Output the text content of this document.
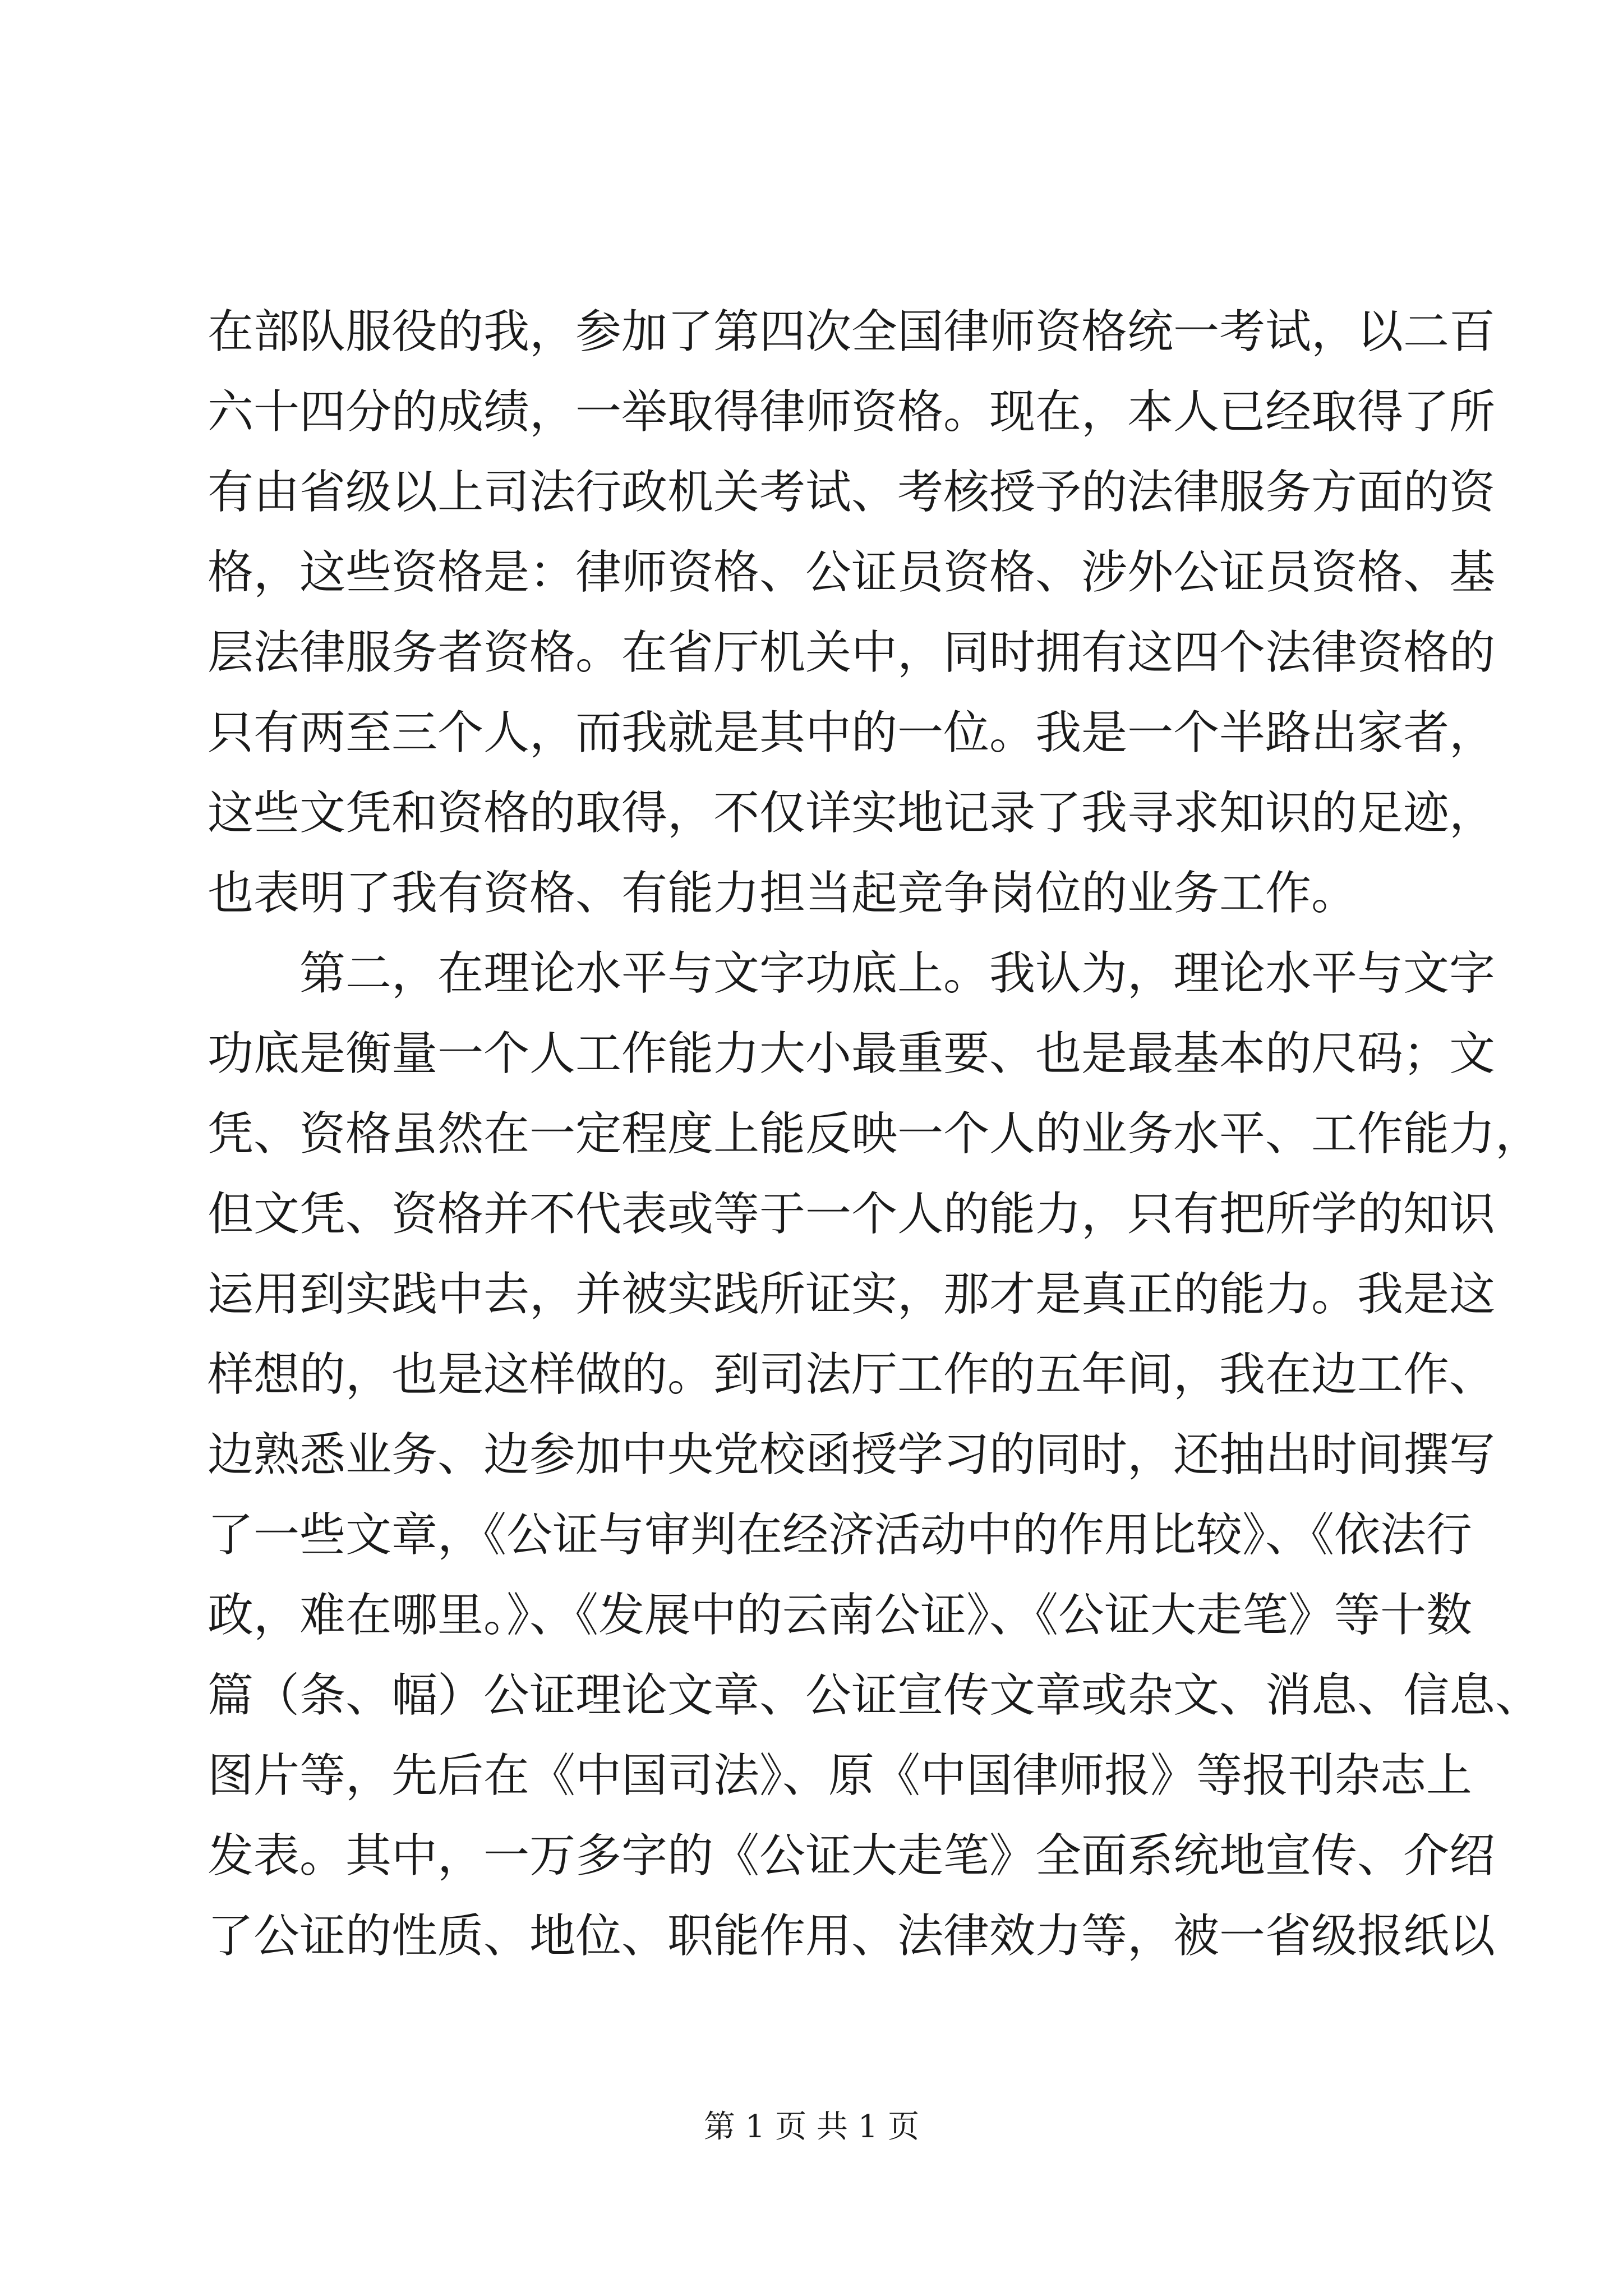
在部队服役的我，参加了第四次全国律师资格统一考试，以二百
六十四分的成绩，一举取得律师资格。现在，本人已经取得了所
有由省级以上司法行政机关考试、考核授予的法律服务方面的资
格，这些资格是：律师资格、公证员资格、涉外公证员资格、基
层法律服务者资格。在省厅机关中，同时拥有这四个法律资格的
只有两至三个人，而我就是其中的一位。我是一个半路出家者，
这些文凭和资格的取得，不仅详实地记录了我寻求知识的足迹，
也表明了我有资格、有能力担当起竞争岗位的业务工作。
第二，在理论水平与文字功底上。我认为，理论水平与文字
功底是衡量一个人工作能力大小最重要、也是最基本的尺码；文
凭、资格虽然在一定程度上能反映一个人的业务水平、工作能力，
但文凭、资格并不代表或等于一个人的能力，只有把所学的知识
运用到实践中去，并被实践所证实，那才是真正的能力。我是这
样想的，也是这样做的。到司法厅工作的五年间，我在边工作、
边熟悉业务、边参加中央党校函授学习的同时，还抽出时间撰写
了一些文章，《公证与审判在经济活动中的作用比较》、《依法行
政，难在哪里。》、《发展中的云南公证》、《公证大走笔》等十数
篇（条、幅）公证理论文章、公证宣传文章或杂文、消息、信息、
图片等，先后在《中国司法》、原《中国律师报》等报刊杂志上
发表。其中，一万多字的《公证大走笔》全面系统地宣传、介绍
了公证的性质、地位、职能作用、法律效力等，被一省级报纸以
第 1 页 共 1 页
